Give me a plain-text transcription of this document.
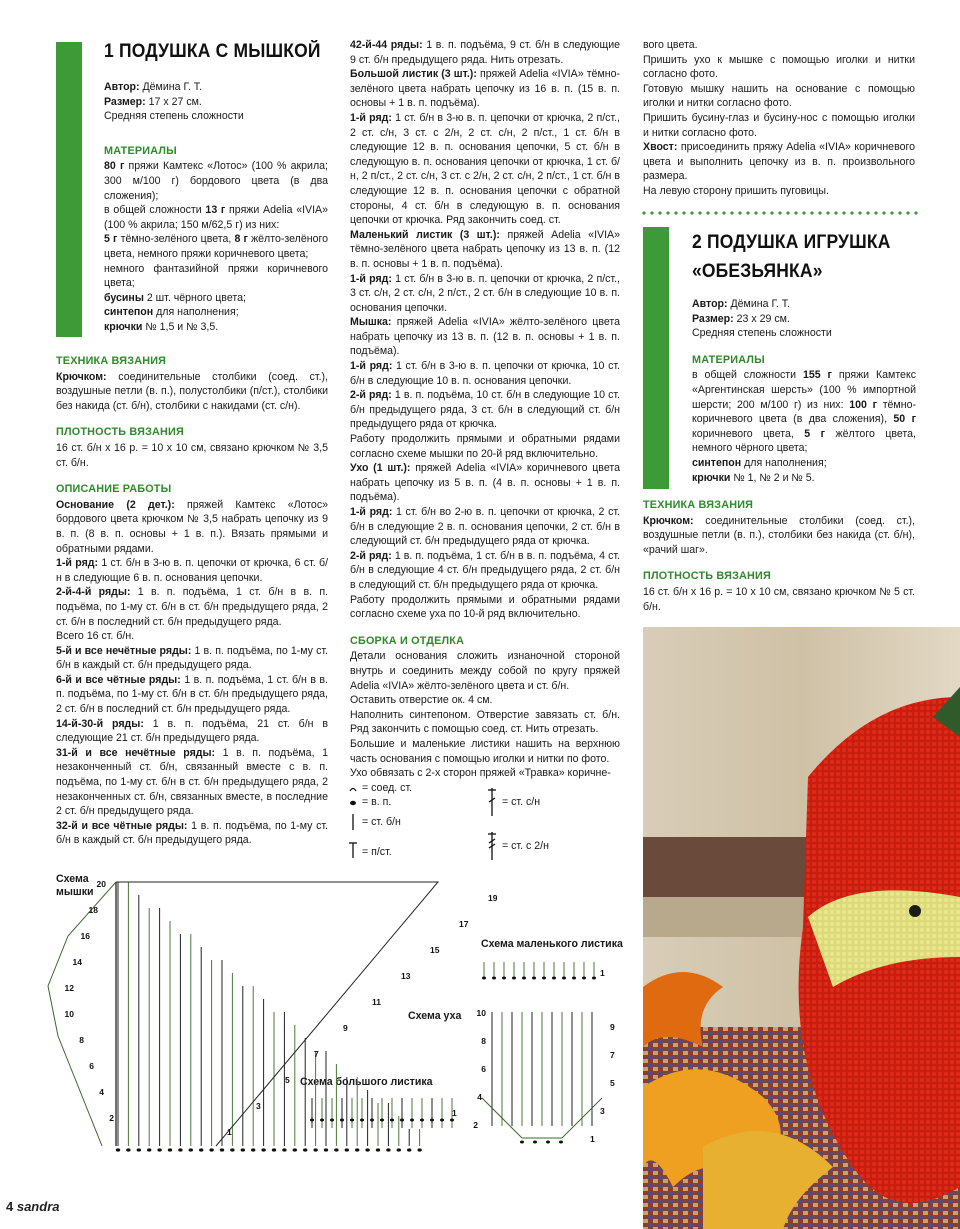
1 ПОДУШКА С МЫШКОЙ

Автор: Дёмина Г. Т.

Размер: 17 х 27 см.

Средняя степень сложности

МАТЕРИАЛЫ

80 г пряжи Камтекс «Лотос» (100 % акрила; 300 м/100 г) бордового цвета (в два сложения);

в общей сложности 13 г пряжи Adelia «IVIA» (100 % акрила; 150 м/62,5 г) из них:

5 г тёмно-зелёного цвета, 8 г жёлто-зелёного цвета, немного пряжи коричневого цвета;

немного фантазийной пряжи коричневого цвета;

бусины 2 шт. чёрного цвета;

синтепон для наполнения;

крючки № 1,5 и № 3,5.

ТЕХНИКА ВЯЗАНИЯ

Крючком: соединительные столбики (соед. ст.), воздушные петли (в. п.), полустолбики (п/ст.), столбики без накида (ст. б/н), столбики с накидами (ст. с/н).

ПЛОТНОСТЬ ВЯЗАНИЯ

16 ст. б/н х 16 р. = 10 х 10 см, связано крючком № 3,5 ст. б/н.

ОПИСАНИЕ РАБОТЫ

Основание (2 дет.): пряжей Камтекс «Лотос» бордового цвета крючком № 3,5 набрать цепочку из 9 в. п. (8 в. п. основы + 1 в. п.). Вязать прямыми и обратными рядами.

1-й ряд: 1 ст. б/н в 3-ю в. п. цепочки от крючка, 6 ст. б/н в следующие 6 в. п. основания цепочки.

2-й-4-й ряды: 1 в. п. подъёма, 1 ст. б/н в в. п. подъёма, по 1-му ст. б/н в ст. б/н предыдущего ряда, 2 ст. б/н в последний ст. б/н предыдущего ряда.

Всего 16 ст. б/н.

5-й и все нечётные ряды: 1 в. п. подъёма, по 1-му ст. б/н в каждый ст. б/н предыдущего ряда.

6-й и все чётные ряды: 1 в. п. подъёма, 1 ст. б/н в в. п. подъёма, по 1-му ст. б/н в ст. б/н предыдущего ряда, 2 ст. б/н в последний ст. б/н предыдущего ряда.

14-й-30-й ряды: 1 в. п. подъёма, 21 ст. б/н в следующие 21 ст. б/н предыдущего ряда.

31-й и все нечётные ряды: 1 в. п. подъёма, 1 незаконченный ст. б/н, связанный вместе с в. п. подъёма, по 1-му ст. б/н в ст. б/н предыдущего ряда, 2 незаконченных ст. б/н, связанных вместе, в последние 2 ст. б/н предыдущего ряда.

32-й и все чётные ряды: 1 в. п. подъёма, по 1-му ст. б/н в каждый ст. б/н предыдущего ряда.

42-й-44 ряды: 1 в. п. подъёма, 9 ст. б/н в следующие 9 ст. б/н предыдущего ряда. Нить отрезать.

Большой листик (3 шт.): пряжей Adelia «IVIA» тёмно-зелёного цвета набрать цепочку из 16 в. п. (15 в. п. основы + 1 в. п. подъёма).

1-й ряд: 1 ст. б/н в 3-ю в. п. цепочки от крючка, 2 п/ст., 2 ст. с/н, 3 ст. с 2/н, 2 ст. с/н, 2 п/ст., 1 ст. б/н в следующие 12 в. п. основания цепочки, 5 ст. б/н в следующую в. п. основания цепочки от крючка, 1 ст. б/н, 2 п/ст., 2 ст. с/н, 3 ст. с 2/н, 2 ст. с/н, 2 п/ст., 1 ст. б/н в следующие 12 в. п. основания цепочки с обратной стороны, 4 ст. б/н в следующую в. п. основания цепочки от крючка. Ряд закончить соед. ст.

Маленький листик (3 шт.): пряжей Adelia «IVIA» тёмно-зелёного цвета набрать цепочку из 13 в. п. (12 в. п. основы + 1 в. п. подъёма).

1-й ряд: 1 ст. б/н в 3-ю в. п. цепочки от крючка, 2 п/ст., 3 ст. с/н, 2 ст. с/н, 2 п/ст., 2 ст. б/н в следующие 10 в. п. основания цепочки.

Мышка: пряжей Adelia «IVIA» жёлто-зелёного цвета набрать цепочку из 13 в. п. (12 в. п. основы + 1 в. п. подъёма).

1-й ряд: 1 ст. б/н в 3-ю в. п. цепочки от крючка, 10 ст. б/н в следующие 10 в. п. основания цепочки.

2-й ряд: 1 в. п. подъёма, 10 ст. б/н в следующие 10 ст. б/н предыдущего ряда, 3 ст. б/н в следующий ст. б/н предыдущего ряда от крючка.

Работу продолжить прямыми и обратными рядами согласно схеме мышки по 20-й ряд включительно.

Ухо (1 шт.): пряжей Adelia «IVIA» коричневого цвета набрать цепочку из 5 в. п. (4 в. п. основы + 1 в. п. подъёма).

1-й ряд: 1 ст. б/н во 2-ю в. п. цепочки от крючка, 2 ст. б/н в следующие 2 в. п. основания цепочки, 2 ст. б/н в следующий ст. б/н предыдущего ряда от крючка.

2-й ряд: 1 в. п. подъёма, 1 ст. б/н в в. п. подъёма, 4 ст. б/н в следующие 4 ст. б/н предыдущего ряда, 2 ст. б/н в следующий ст. б/н предыдущего ряда от крючка.

Работу продолжить прямыми и обратными рядами согласно схеме уха по 10-й ряд включительно.

СБОРКА И ОТДЕЛКА

Детали основания сложить изнаночной стороной внутрь и соединить между собой по кругу пряжей Adelia «IVIA» жёлто-зелёного цвета и ст. б/н.

Оставить отверстие ок. 4 см.

Наполнить синтепоном. Отверстие завязать ст. б/н. Ряд закончить с помощью соед. ст. Нить отрезать.

Большие и маленькие листики нашить на верхнюю часть основания с помощью иголки и нитки по фото.

Ухо обвязать с 2-х сторон пряжей «Травка» коричне-

вого цвета.

Пришить ухо к мышке с помощью иголки и нитки согласно фото.

Готовую мышку нашить на основание с помощью иголки и нитки согласно фото.

Пришить бусину-глаз и бусину-нос с помощью иголки и нитки согласно фото.

Хвост: присоединить пряжу Adelia «IVIA» коричневого цвета и выполнить цепочку из в. п. произвольного размера.

На левую сторону пришить пуговицы.

2 ПОДУШКА ИГРУШКА
«ОБЕЗЬЯНКА»

Автор: Дёмина Г. Т.

Размер: 23 х 29 см.

Средняя степень сложности

МАТЕРИАЛЫ

в общей сложности 155 г пряжи Камтекс «Аргентинская шерсть» (100 % импортной шерсти; 200 м/100 г) из них: 100 г тёмно-коричневого цвета (в два сложения), 50 г коричневого цвета, 5 г жёлтого цвета, немного чёрного цвета;

синтепон для наполнения;

крючки № 1, № 2 и № 5.

ТЕХНИКА ВЯЗАНИЯ

Крючком: соединительные столбики (соед. ст.), воздушные петли (в. п.), столбики без накида (ст. б/н), «рачий шаг».

ПЛОТНОСТЬ ВЯЗАНИЯ

16 ст. б/н х 16 р. = 10 х 10 см, связано крючком № 5 ст. б/н.

= соед. ст.
= в. п.
= ст. б/н
= п/ст.
= ст. с/н
= ст. с 2/н
Схема
мышки
Схема маленького листика
Схема уха
Схема большого листика
20
18
16
14
12
10
8
6
4
2
19
17
15
13
11
9
7
5
3
1
1
1
10
8
6
4
2
9
7
5
3
1
4 sandra
